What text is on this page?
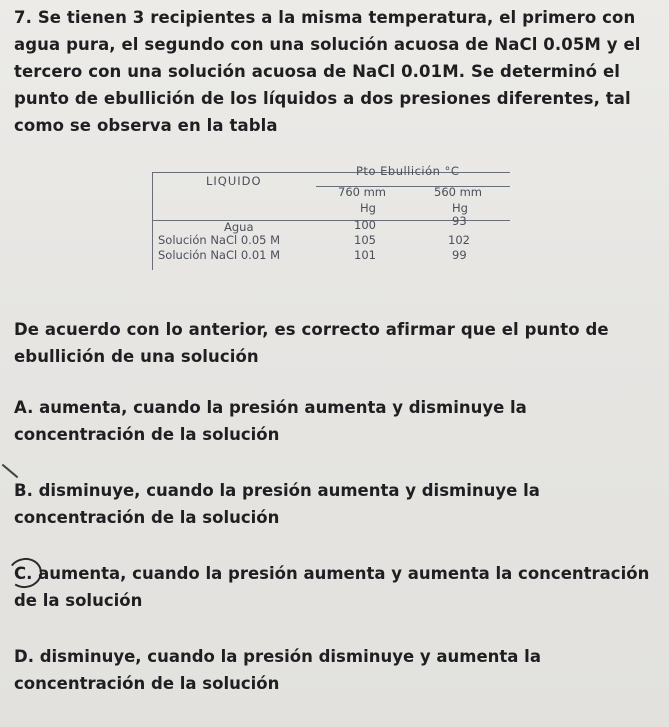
7. Se tienen 3 recipientes a la misma temperatura, el primero con agua pura, el segundo con una solución acuosa de NaCl 0.05M y el tercero con una solución acuosa de NaCl 0.01M. Se determinó el punto de ebullición de los líquidos a dos presiones diferentes, tal como se observa en la tabla
LIQUIDO
Pto Ebullición °C
760 mm	560 mm
Hg	Hg
Agua	100	93
Solución NaCl 0.05 M	105	102
Solución NaCl 0.01 M	101	99
De acuerdo con lo anterior, es correcto afirmar que el punto de ebullición de una solución
A. aumenta, cuando la presión aumenta y disminuye la concentración de la solución
B. disminuye, cuando la presión aumenta y disminuye la concentración de la solución
C. aumenta, cuando la presión aumenta y aumenta la concentración de la solución
D. disminuye, cuando la presión disminuye y aumenta la concentración de la solución
